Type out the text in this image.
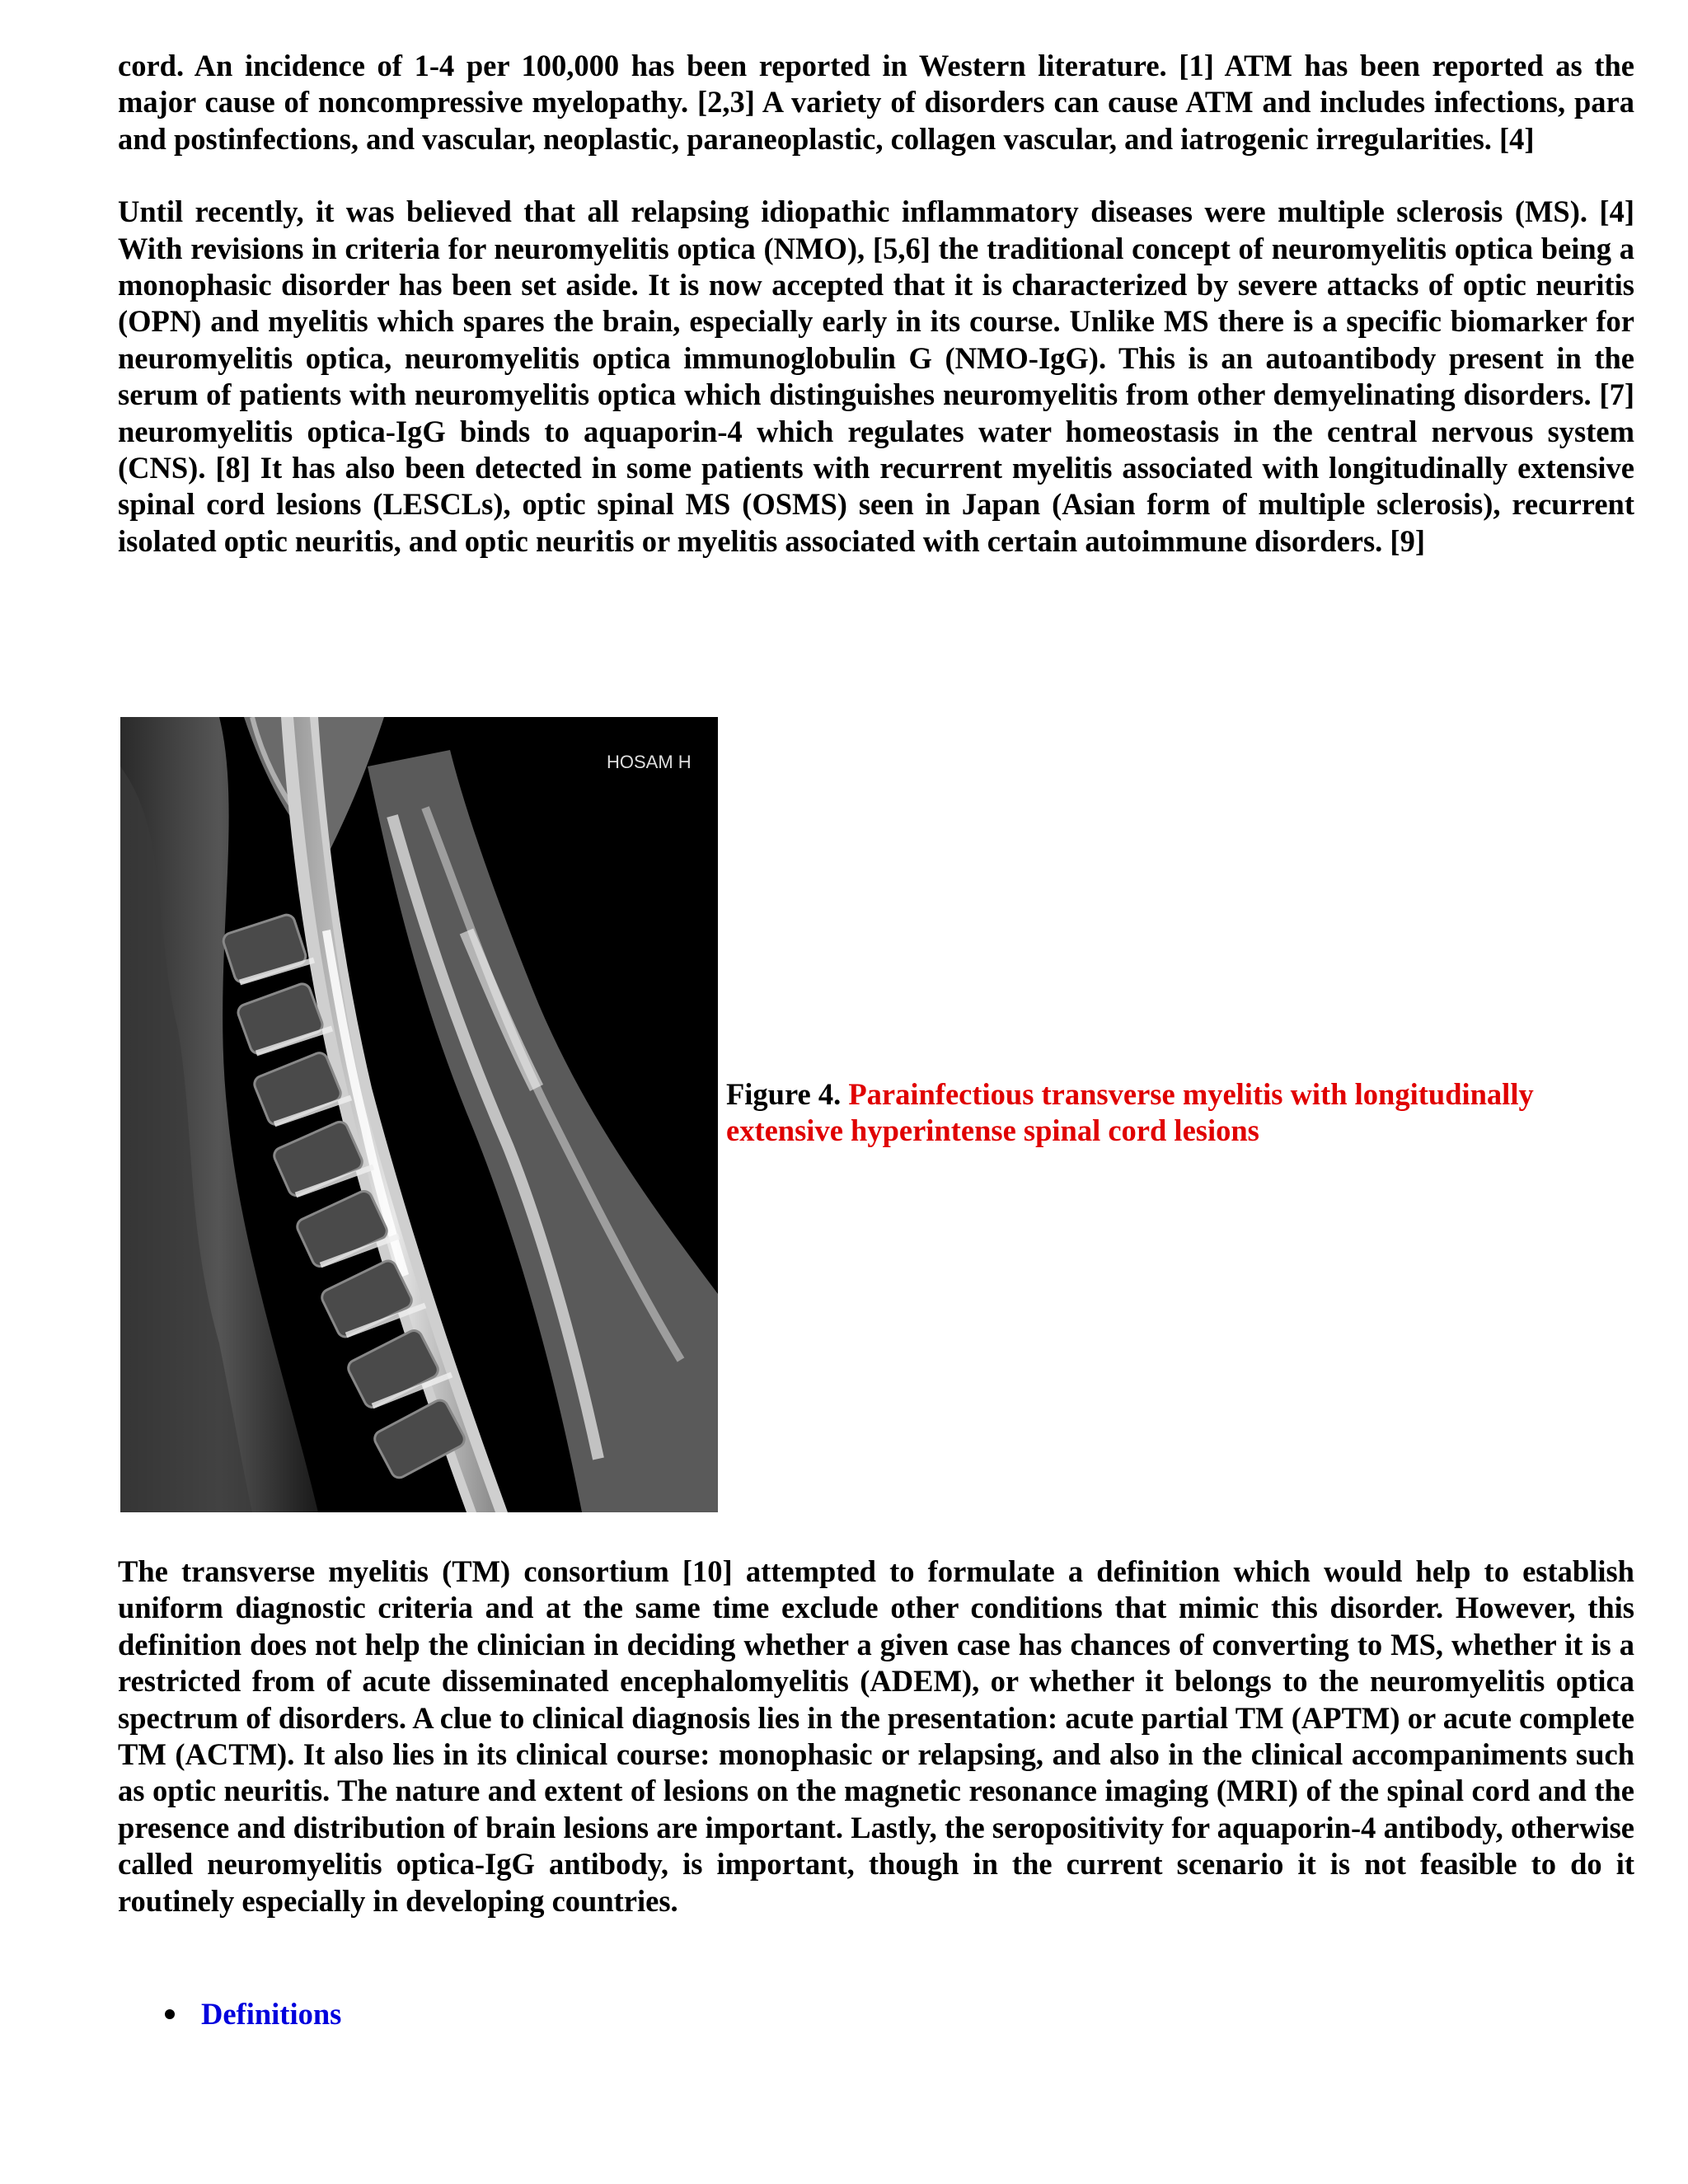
cord. An incidence of 1-4 per 100,000 has been reported in Western literature. [1] ATM has been reported as the major cause of noncompressive myelopathy. [2,3] A variety of disorders can cause ATM and includes infections, para and postinfections, and vascular, neoplastic, paraneoplastic, collagen vascular, and iatrogenic irregularities. [4]

Until recently, it was believed that all relapsing idiopathic inflammatory diseases were multiple sclerosis (MS). [4] With revisions in criteria for neuromyelitis optica (NMO), [5,6] the traditional concept of neuromyelitis optica being a monophasic disorder has been set aside. It is now accepted that it is characterized by severe attacks of optic neuritis (OPN) and myelitis which spares the brain, especially early in its course. Unlike MS there is a specific biomarker for neuromyelitis optica, neuromyelitis optica immunoglobulin G (NMO-IgG). This is an autoantibody present in the serum of patients with neuromyelitis optica which distinguishes neuromyelitis from other demyelinating disorders. [7] neuromyelitis optica-IgG binds to aquaporin-4 which regulates water homeostasis in the central nervous system (CNS). [8] It has also been detected in some patients with recurrent myelitis associated with longitudinally extensive spinal cord lesions (LESCLs), optic spinal MS (OSMS) seen in Japan (Asian form of multiple sclerosis), recurrent isolated optic neuritis, and optic neuritis or myelitis associated with certain autoimmune disorders. [9]

HOSAM H
Figure 4. Parainfectious transverse myelitis with longitudinally extensive hyperintense spinal cord lesions

The transverse myelitis (TM) consortium [10] attempted to formulate a definition which would help to establish uniform diagnostic criteria and at the same time exclude other conditions that mimic this disorder. However, this definition does not help the clinician in deciding whether a given case has chances of converting to MS, whether it is a restricted from of acute disseminated encephalomyelitis (ADEM), or whether it belongs to the neuromyelitis optica spectrum of disorders. A clue to clinical diagnosis lies in the presentation: acute partial TM (APTM) or acute complete TM (ACTM). It also lies in its clinical course: monophasic or relapsing, and also in the clinical accompaniments such as optic neuritis. The nature and extent of lesions on the magnetic resonance imaging (MRI) of the spinal cord and the presence and distribution of brain lesions are important. Lastly, the seropositivity for aquaporin-4 antibody, otherwise called neuromyelitis optica-IgG antibody, is important, though in the current scenario it is not feasible to do it routinely especially in developing countries.

Definitions
